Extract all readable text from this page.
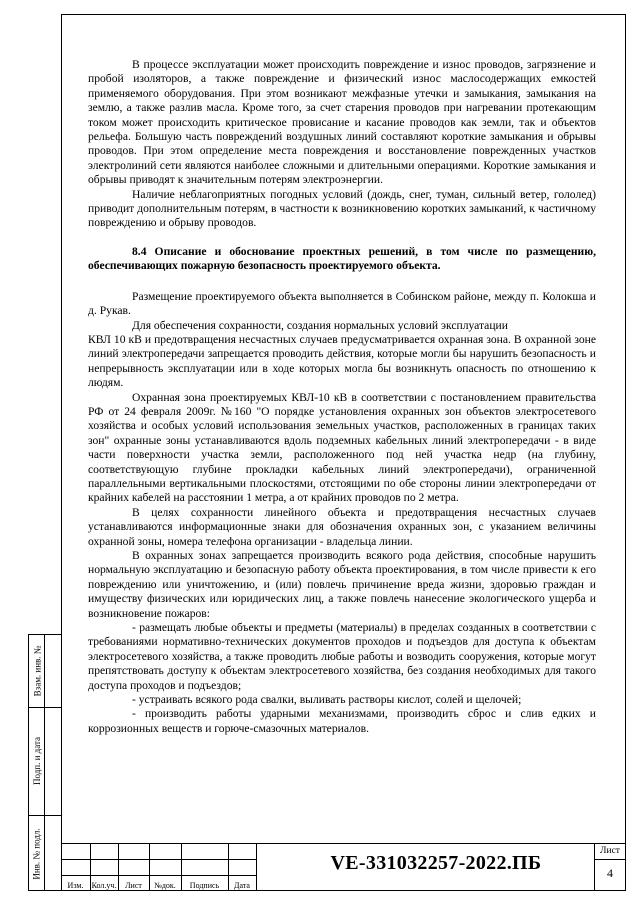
Взам. инв. №
Подп. и дата
Инв. № подл.

В процессе эксплуатации может происходить повреждение и износ проводов, загрязнение и пробой изоляторов, а также повреждение и физический износ маслосодержащих емкостей применяемого оборудования. При этом возникают межфазные утечки и замыкания, замыкания на землю, а также разлив масла. Кроме того, за счет старения проводов при нагревании протекающим током может происходить критическое провисание и касание проводов как земли, так и объектов рельефа. Большую часть повреждений воздушных линий составляют короткие замыкания и обрывы проводов. При этом определение места повреждения и восстановление поврежденных участков электролиний сети являются наиболее сложными и длительными операциями. Короткие замыкания и обрывы приводят к значительным потерям электроэнергии.

Наличие неблагоприятных погодных условий (дождь, снег, туман, сильный ветер, гололед) приводит дополнительным потерям, в частности к возникновению коротких замыканий, к частичному повреждению и обрыву проводов.

8.4 Описание и обоснование проектных решений, в том числе по размещению, обеспечивающих пожарную безопасность проектируемого объекта.

Размещение проектируемого объекта выполняется в Собинском районе, между п. Колокша и д. Рукав.

Для обеспечения сохранности, создания нормальных условий эксплуатации

КВЛ 10 кВ и предотвращения несчастных случаев предусматривается охранная зона. В охранной зоне линий электропередачи запрещается проводить действия, которые могли бы нарушить безопасность и непрерывность эксплуатации или в ходе которых могла бы возникнуть опасность по отношению к людям.

Охранная зона проектируемых КВЛ-10 кВ в соответствии с постановлением правительства РФ от 24 февраля 2009г. №160 "О порядке установления охранных зон объектов электросетевого хозяйства и особых условий использования земельных участков, расположенных в границах таких зон" охранные зоны устанавливаются вдоль подземных кабельных линий электропередачи - в виде части поверхности участка земли, расположенного под ней участка недр (на глубину, соответствующую глубине прокладки кабельных линий электропередачи), ограниченной параллельными вертикальными плоскостями, отстоящими по обе стороны линии электропередачи от крайних кабелей на расстоянии 1 метра, а от крайних проводов по 2 метра.

В целях сохранности линейного объекта и предотвращения несчастных случаев устанавливаются информационные знаки для обозначения охранных зон, с указанием величины охранной зоны, номера телефона организации - владельца линии.

В охранных зонах запрещается производить всякого рода действия, способные нарушить нормальную эксплуатацию и безопасную работу объекта проектирования, в том числе привести к его повреждению или уничтожению, и (или) повлечь причинение вреда жизни, здоровью граждан и имуществу физических или юридических лиц, а также повлечь нанесение экологического ущерба и возникновение пожаров:

- размещать любые объекты и предметы (материалы) в пределах созданных в соответствии с требованиями нормативно-технических документов проходов и подъездов для доступа к объектам электросетевого хозяйства, а также проводить любые работы и возводить сооружения, которые могут препятствовать доступу к объектам электросетевого хозяйства, без создания необходимых для такого доступа проходов и подъездов;

- устраивать всякого рода свалки, выливать растворы кислот, солей и щелочей;

- производить работы ударными механизмами, производить сброс и слив едких и коррозионных веществ и горюче-смазочных материалов.

Изм.	Кол.уч.	Лист	№док.	Подпись	Дата
VE-331032257-2022.ПБ
Лист
4
